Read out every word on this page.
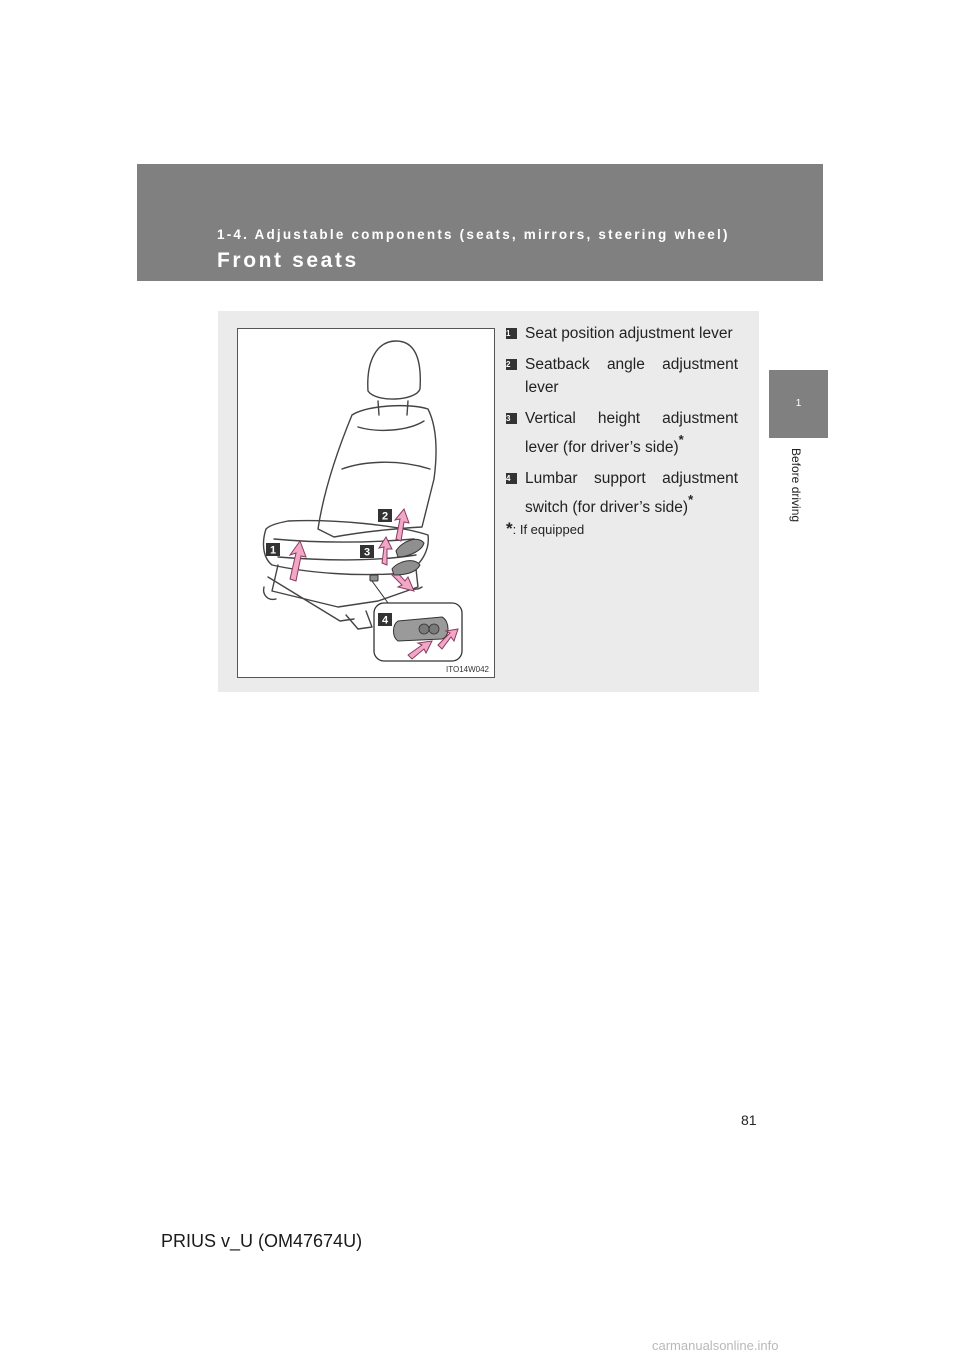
1-4. Adjustable components (seats, mirrors, steering wheel)
Front seats
1
Before driving
1
2
3
4
ITO14W042
1 Seat position adjustment lever
2 Seatback angle adjustment lever
3 Vertical height adjustment lever (for driver’s side)*
4 Lumbar support adjustment switch (for driver’s side)*
*: If equipped
81
PRIUS v_U (OM47674U)
carmanualsonline.info
